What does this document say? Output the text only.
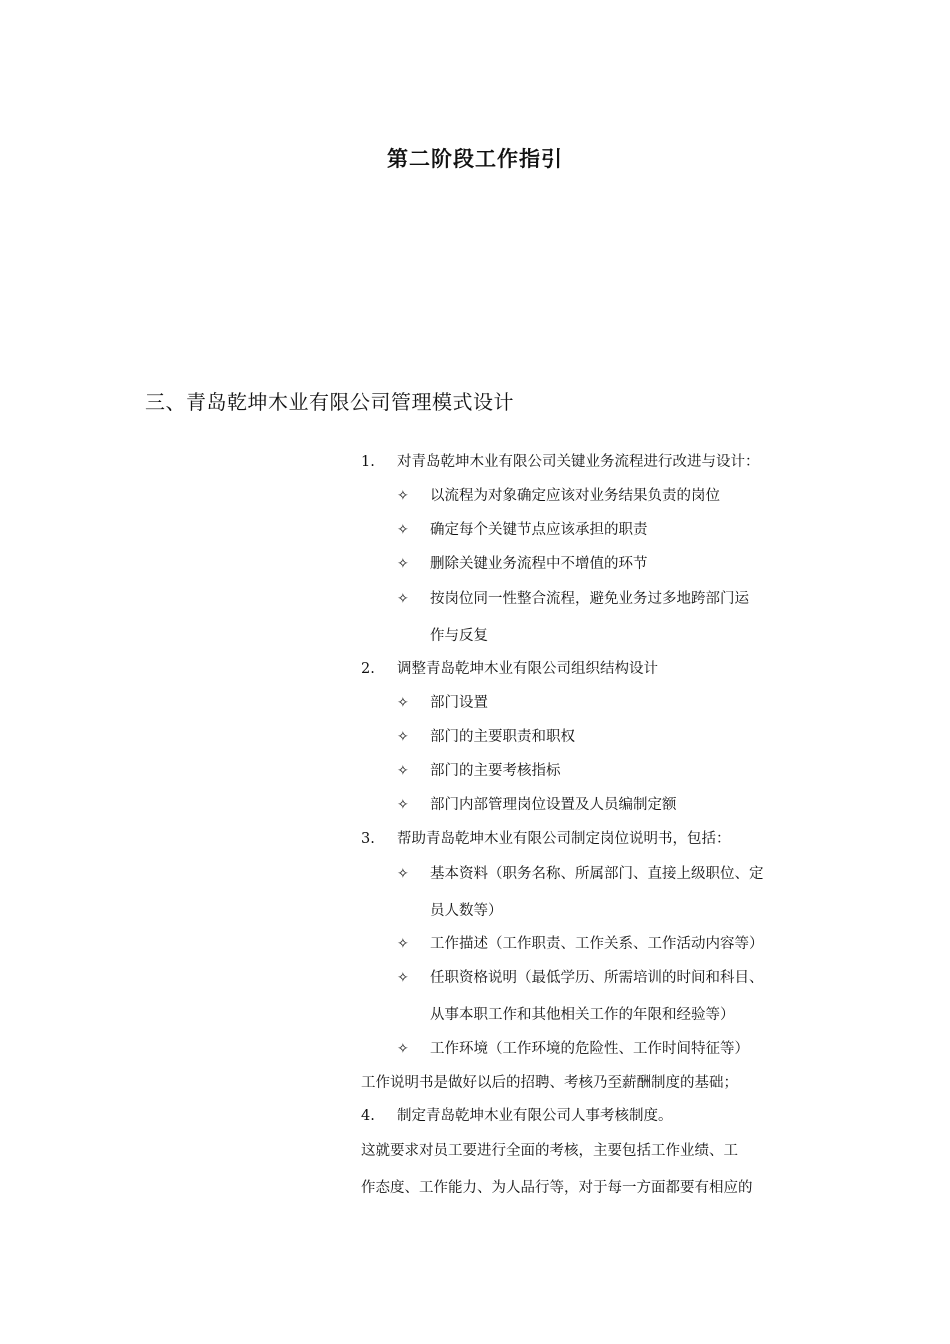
第二阶段工作指引
三、青岛乾坤木业有限公司管理模式设计
1. 对青岛乾坤木业有限公司关键业务流程进行改进与设计：
✧ 以流程为对象确定应该对业务结果负责的岗位
✧ 确定每个关键节点应该承担的职责
✧ 删除关键业务流程中不增值的环节
✧ 按岗位同一性整合流程，避免业务过多地跨部门运
作与反复
2. 调整青岛乾坤木业有限公司组织结构设计
✧ 部门设置
✧ 部门的主要职责和职权
✧ 部门的主要考核指标
✧ 部门内部管理岗位设置及人员编制定额
3. 帮助青岛乾坤木业有限公司制定岗位说明书，包括：
✧ 基本资料（职务名称、所属部门、直接上级职位、定
员人数等）
✧ 工作描述（工作职责、工作关系、工作活动内容等）
✧ 任职资格说明（最低学历、所需培训的时间和科目、
从事本职工作和其他相关工作的年限和经验等）
✧ 工作环境（工作环境的危险性、工作时间特征等）
工作说明书是做好以后的招聘、考核乃至薪酬制度的基础；
4. 制定青岛乾坤木业有限公司人事考核制度。
这就要求对员工要进行全面的考核，主要包括工作业绩、工
作态度、工作能力、为人品行等，对于每一方面都要有相应的
